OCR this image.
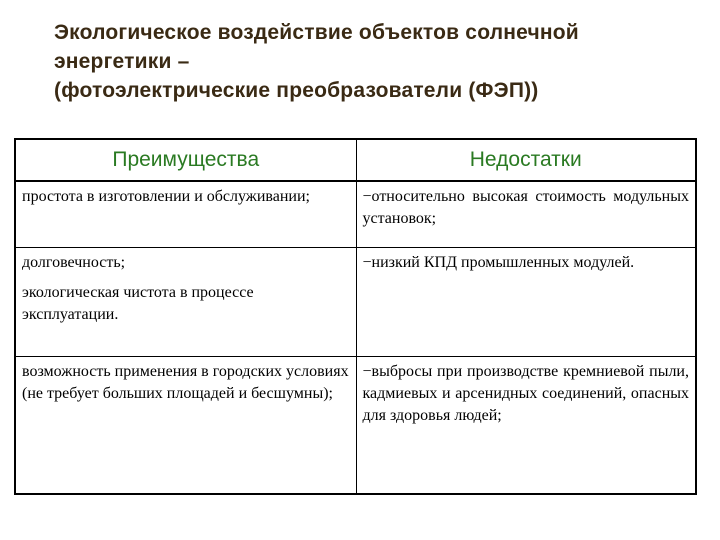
Экологическое воздействие объектов солнечной
энергетики –
(фотоэлектрические преобразователи (ФЭП))
Преимущества	Недостатки

простота в изготовлении и обслуживании;	−относительно высокая стоимость модульных установок;

долговечность;
экологическая чистота в процессе эксплуатации.	−низкий КПД промышленных модулей.

возможность применения в городских условиях (не требует больших площадей и бесшумны);	−выбросы при производстве кремниевой пыли, кадмиевых и арсенидных соединений, опасных для здоровья людей;
